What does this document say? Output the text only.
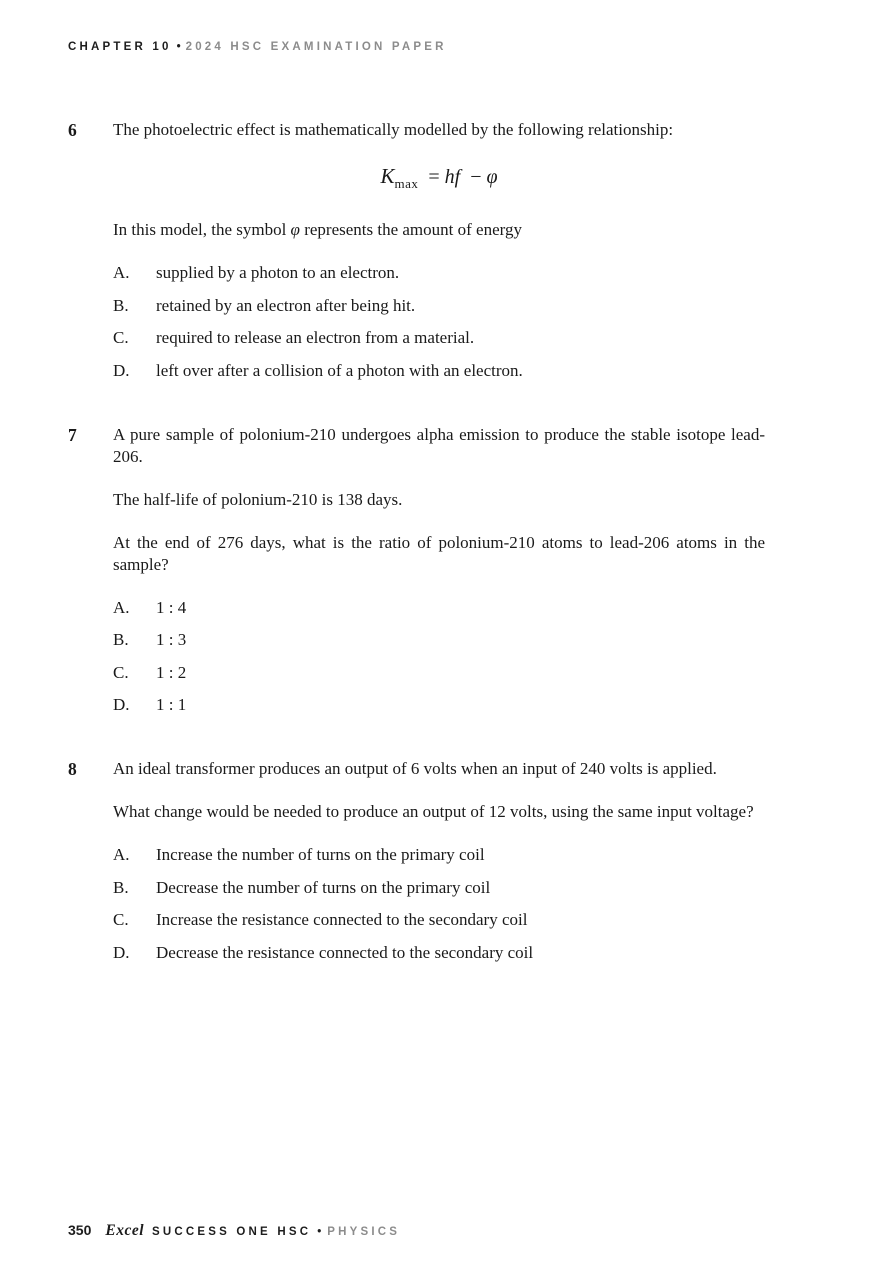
CHAPTER 10 • 2024 HSC EXAMINATION PAPER
6	The photoelectric effect is mathematically modelled by the following relationship:

$K_{max}$ = hf − φ

In this model, the symbol φ represents the amount of energy

A.	supplied by a photon to an electron.
B.	retained by an electron after being hit.
C.	required to release an electron from a material.
D.	left over after a collision of a photon with an electron.
7	A pure sample of polonium-210 undergoes alpha emission to produce the stable isotope lead-206.

The half-life of polonium-210 is 138 days.

At the end of 276 days, what is the ratio of polonium-210 atoms to lead-206 atoms in the sample?

A.	1 : 4
B.	1 : 3
C.	1 : 2
D.	1 : 1
8	An ideal transformer produces an output of 6 volts when an input of 240 volts is applied.

What change would be needed to produce an output of 12 volts, using the same input voltage?

A.	Increase the number of turns on the primary coil
B.	Decrease the number of turns on the primary coil
C.	Increase the resistance connected to the secondary coil
D.	Decrease the resistance connected to the secondary coil
350 Excel SUCCESS ONE HSC • PHYSICS
